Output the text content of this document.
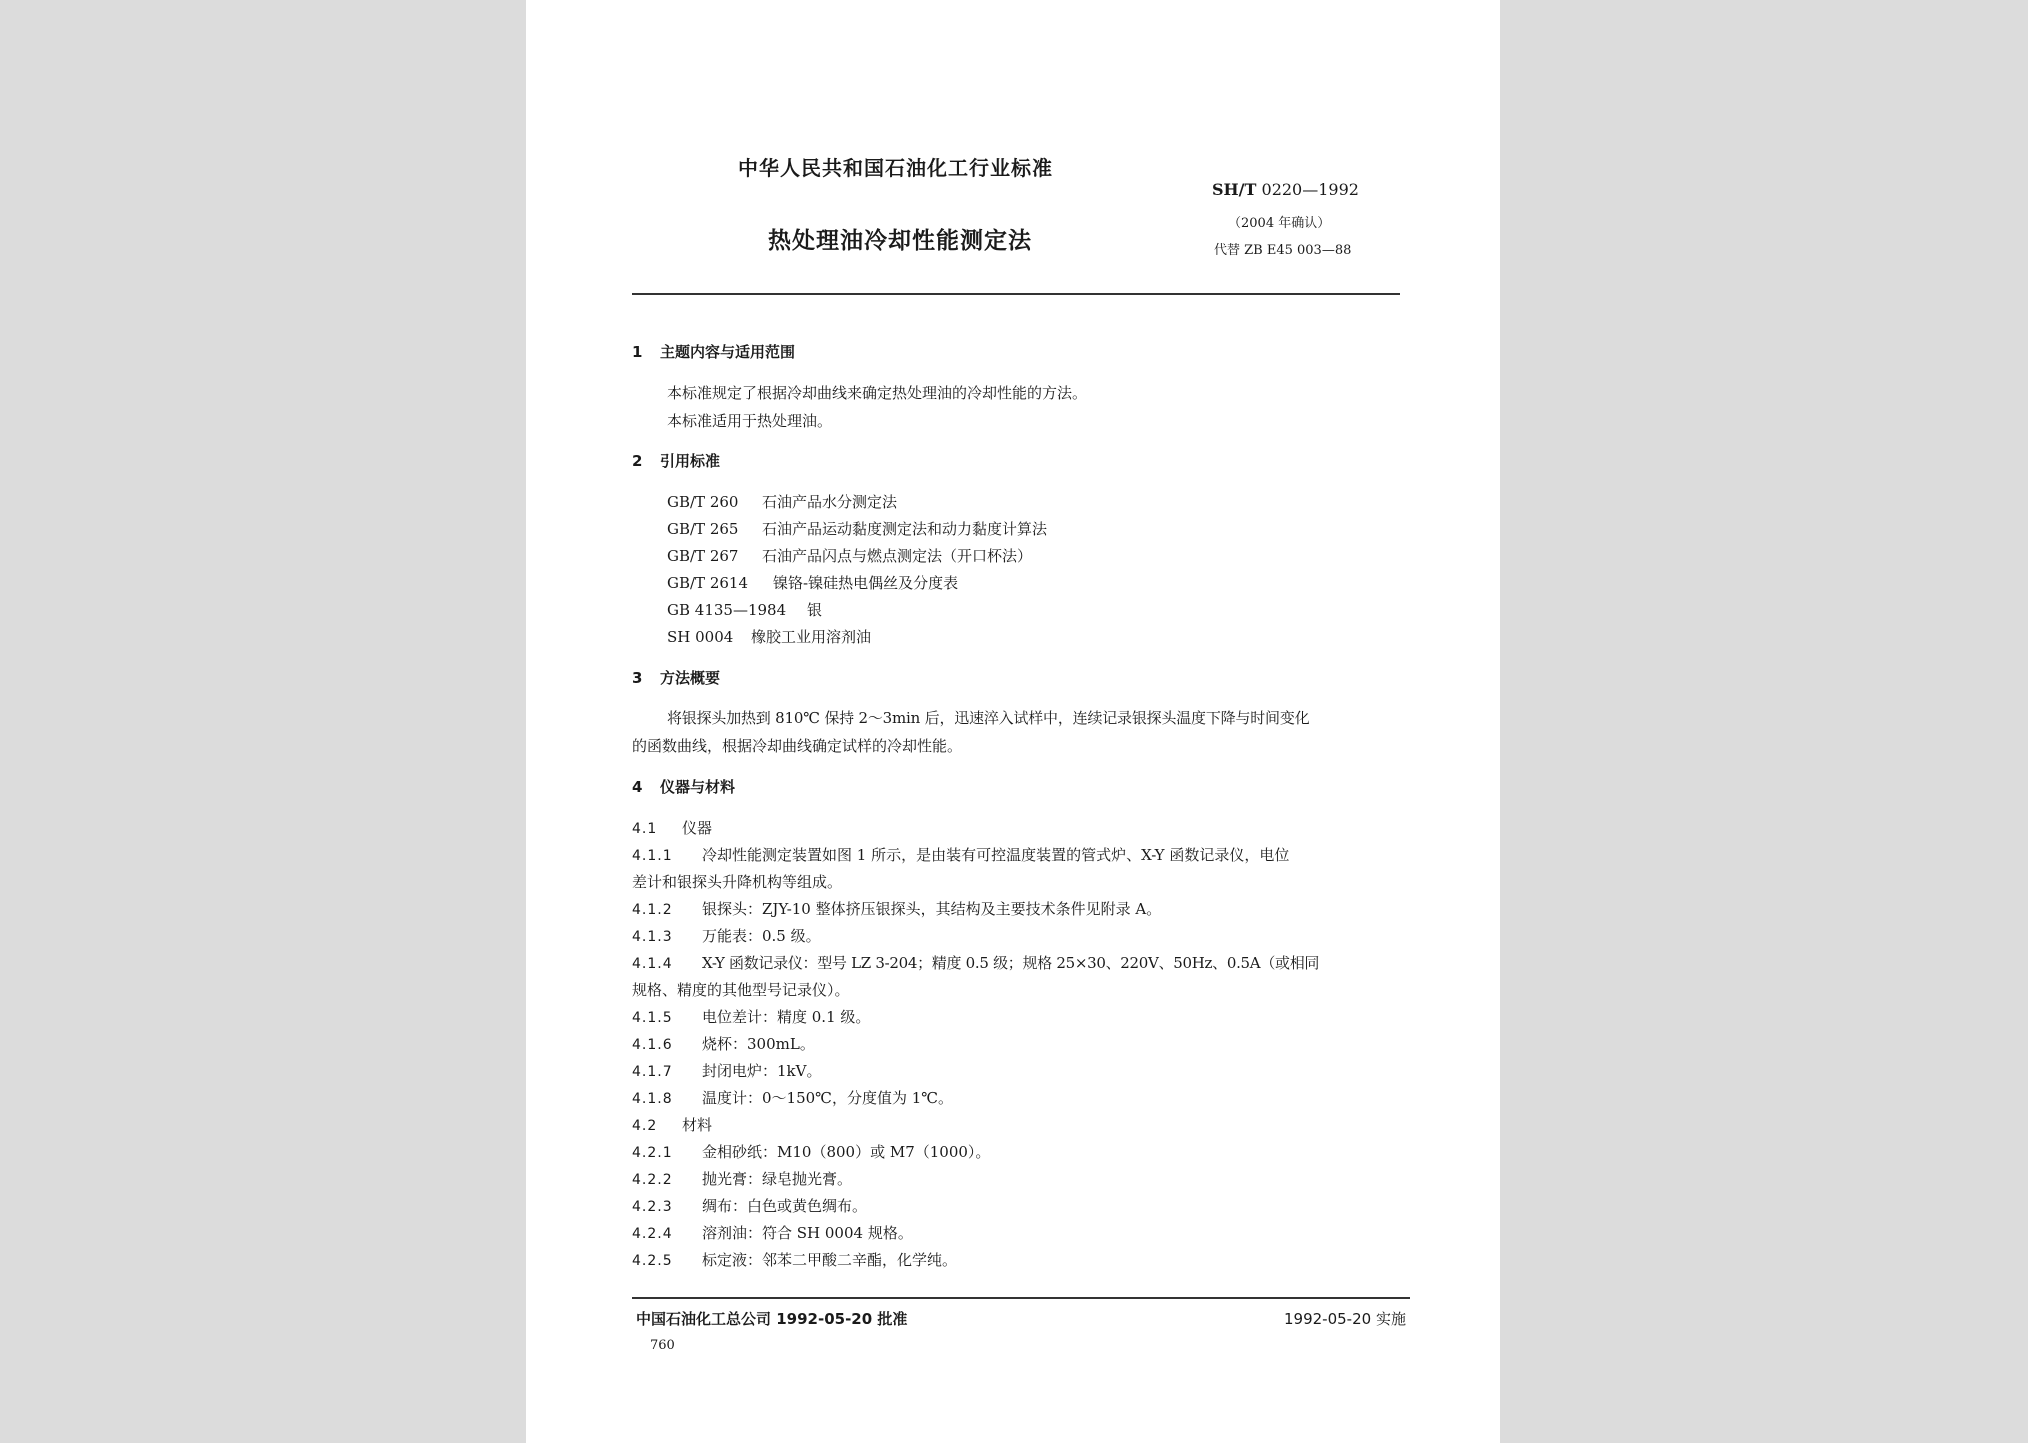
中华人民共和国石油化工行业标准
SH/T 0220—1992
（2004 年确认）
代替 ZB E45 003—88
热处理油冷却性能测定法
1 主题内容与适用范围
本标准规定了根据冷却曲线来确定热处理油的冷却性能的方法。
本标准适用于热处理油。
2 引用标准
GB/T 260 石油产品水分测定法
GB/T 265 石油产品运动黏度测定法和动力黏度计算法
GB/T 267 石油产品闪点与燃点测定法（开口杯法）
GB/T 2614 镍铬-镍硅热电偶丝及分度表
GB 4135—1984 银
SH 0004 橡胶工业用溶剂油
3 方法概要
将银探头加热到 810℃ 保持 2～3min 后，迅速淬入试样中，连续记录银探头温度下降与时间变化
的函数曲线，根据冷却曲线确定试样的冷却性能。
4 仪器与材料
4.1 仪器
4.1.1 冷却性能测定装置如图 1 所示，是由装有可控温度装置的管式炉、X-Y 函数记录仪，电位
差计和银探头升降机构等组成。
4.1.2 银探头：ZJY-10 整体挤压银探头，其结构及主要技术条件见附录 A。
4.1.3 万能表：0.5 级。
4.1.4 X-Y 函数记录仪：型号 LZ 3-204；精度 0.5 级；规格 25×30、220V、50Hz、0.5A（或相同
规格、精度的其他型号记录仪）。
4.1.5 电位差计：精度 0.1 级。
4.1.6 烧杯：300mL。
4.1.7 封闭电炉：1kV。
4.1.8 温度计：0～150℃，分度值为 1℃。
4.2 材料
4.2.1 金相砂纸：M10（800）或 M7（1000）。
4.2.2 抛光膏：绿皂抛光膏。
4.2.3 绸布：白色或黄色绸布。
4.2.4 溶剂油：符合 SH 0004 规格。
4.2.5 标定液：邻苯二甲酸二辛酯，化学纯。
中国石油化工总公司 1992-05-20 批准	1992-05-20 实施
760
